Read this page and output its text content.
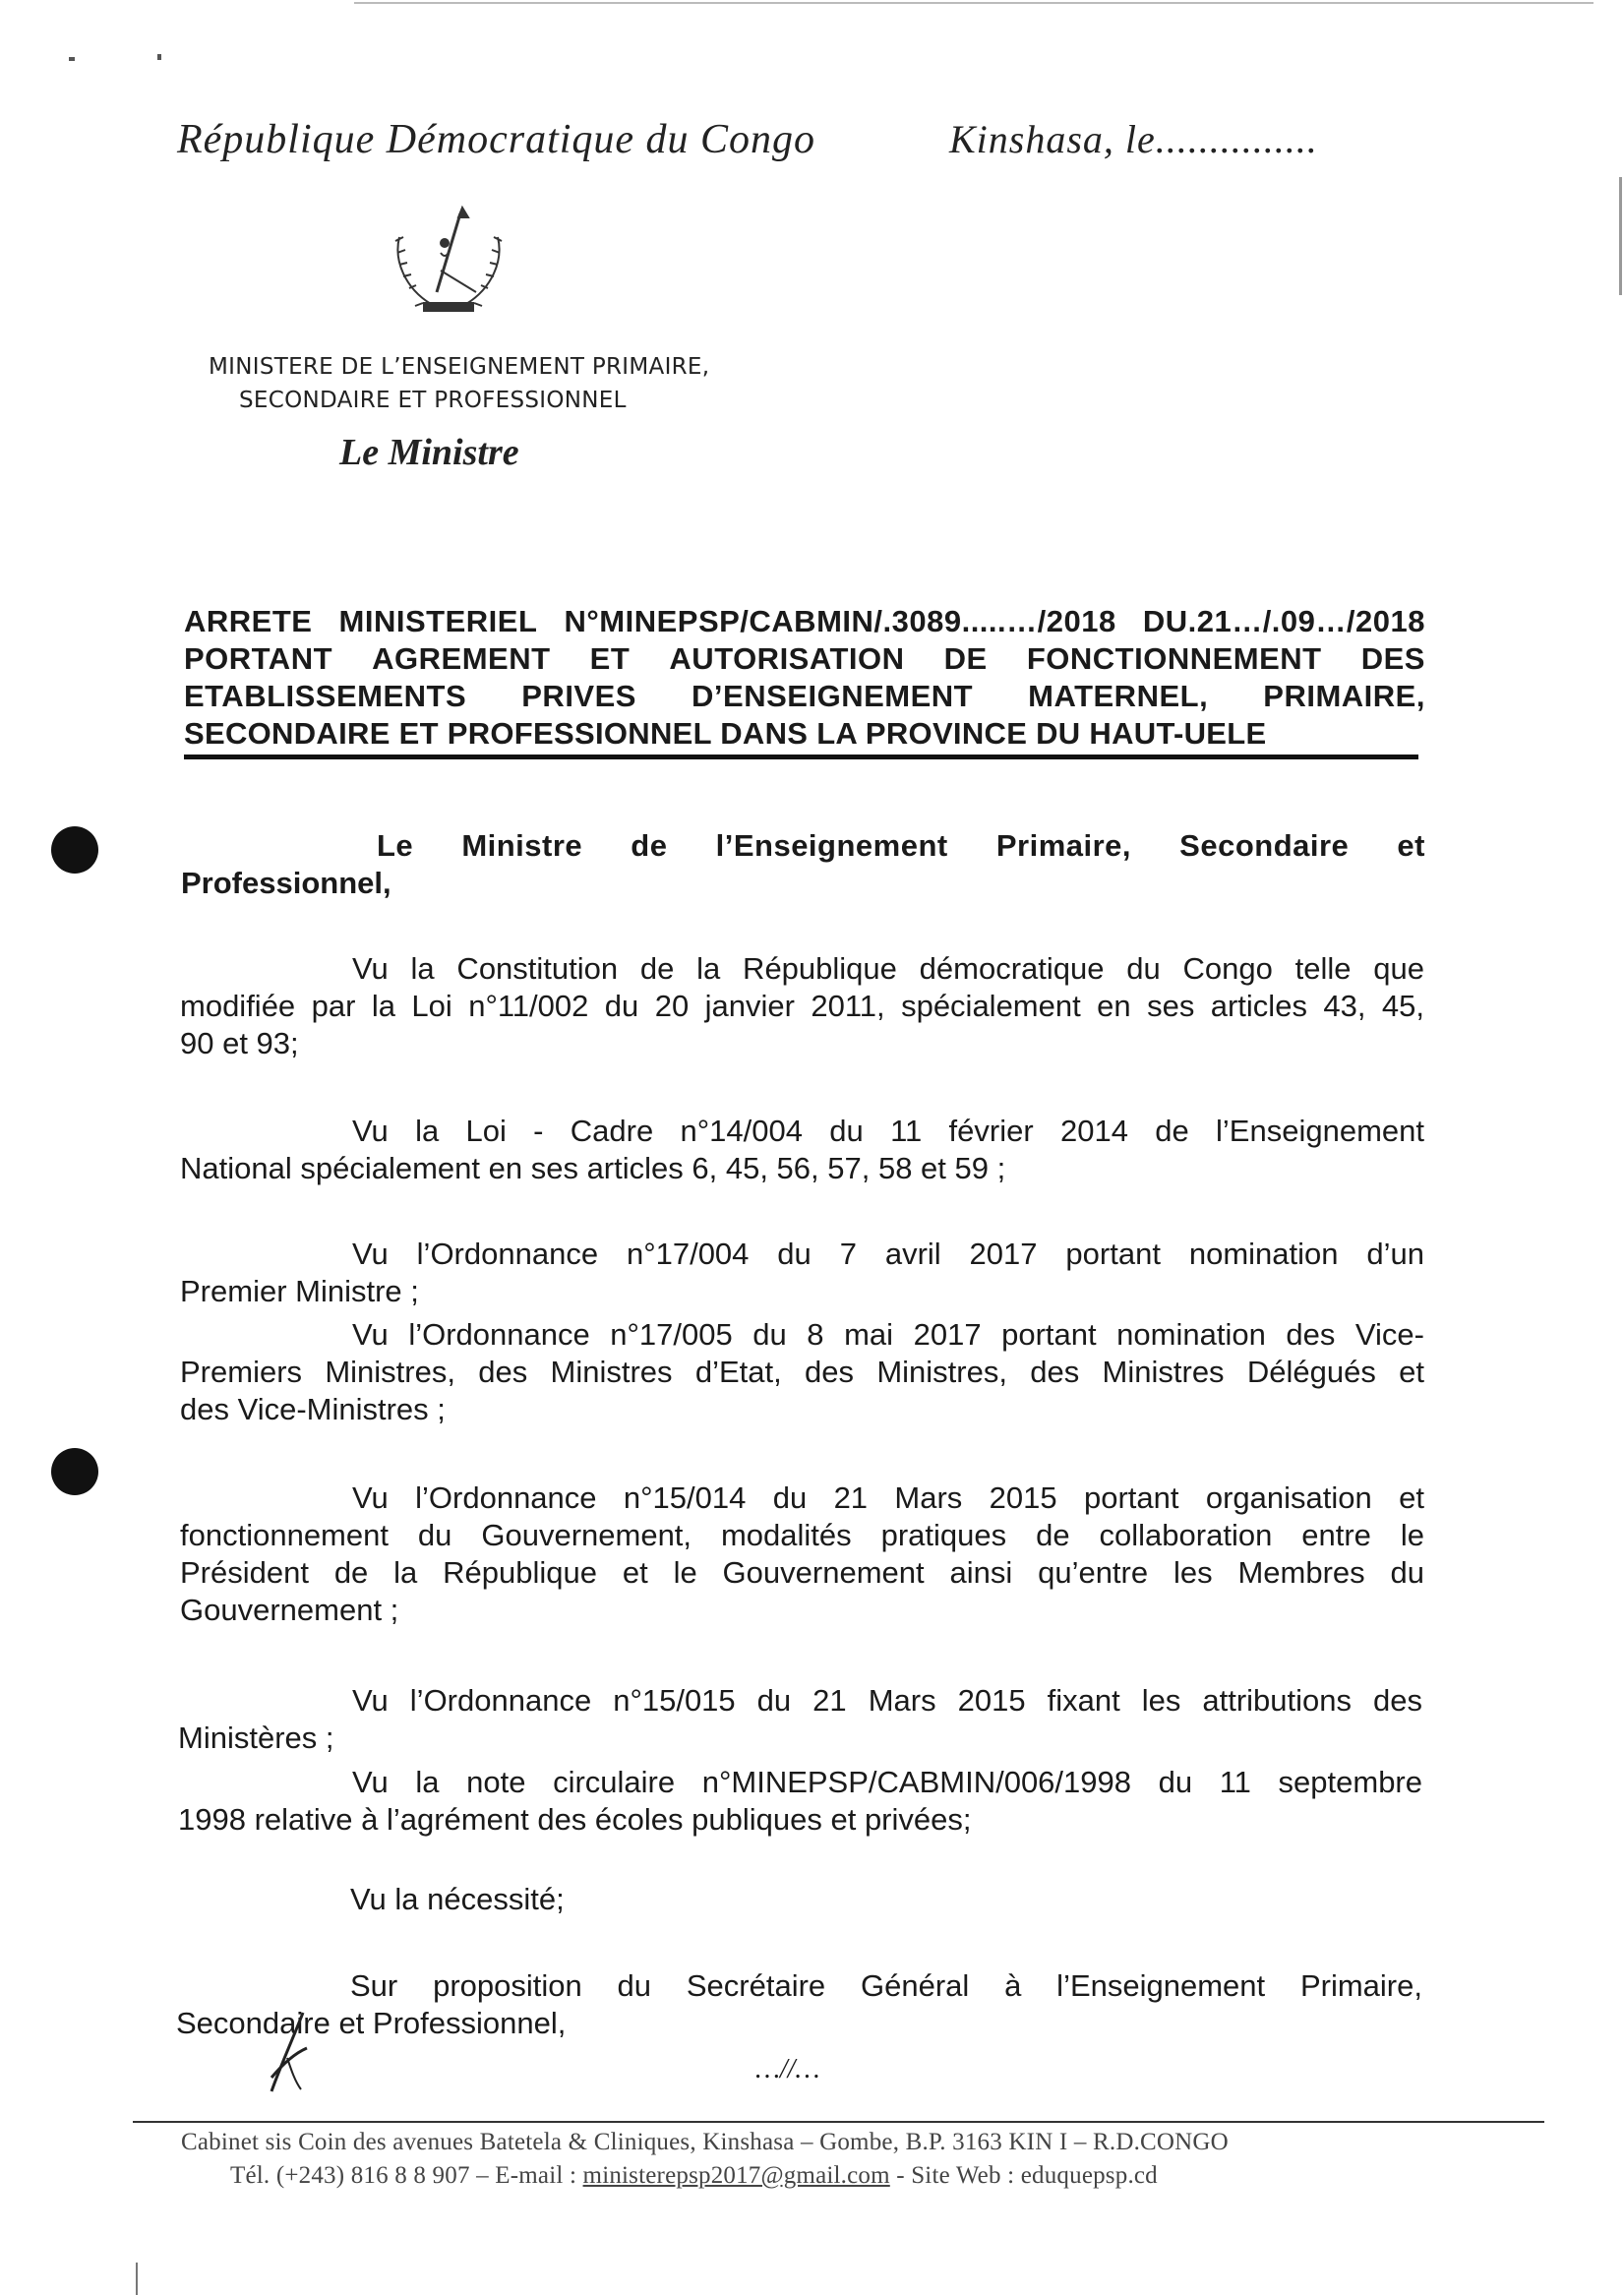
République Démocratique du Congo	Kinshasa, le...............
MINISTERE DE L’ENSEIGNEMENT PRIMAIRE,
SECONDAIRE ET PROFESSIONNEL
Le Ministre
ARRETE MINISTERIEL N°MINEPSP/CABMIN/.3089.....…/2018 DU.21…/.09…/2018
PORTANT AGREMENT ET AUTORISATION DE FONCTIONNEMENT DES
ETABLISSEMENTS PRIVES D’ENSEIGNEMENT MATERNEL, PRIMAIRE,
SECONDAIRE ET PROFESSIONNEL DANS LA PROVINCE DU HAUT-UELE
Le Ministre de l’Enseignement Primaire, Secondaire et
Professionnel,
Vu la Constitution de la République démocratique du Congo telle que
modifiée par la Loi n°11/002 du 20 janvier 2011, spécialement en ses articles 43, 45,
90 et 93;
Vu la Loi - Cadre n°14/004 du 11 février 2014 de l’Enseignement
National spécialement en ses articles 6, 45, 56, 57, 58 et 59 ;
Vu l’Ordonnance n°17/004 du 7 avril 2017 portant nomination d’un
Premier Ministre ;
Vu l’Ordonnance n°17/005 du 8 mai 2017 portant nomination des Vice-
Premiers Ministres, des Ministres d’Etat, des Ministres, des Ministres Délégués et
des Vice-Ministres ;
Vu l’Ordonnance n°15/014 du 21 Mars 2015 portant organisation et
fonctionnement du Gouvernement, modalités pratiques de collaboration entre le
Président de la République et le Gouvernement ainsi qu’entre les Membres du
Gouvernement ;
Vu l’Ordonnance n°15/015 du 21 Mars 2015 fixant les attributions des
Ministères ;
Vu la note circulaire n°MINEPSP/CABMIN/006/1998 du 11 septembre
1998 relative à l’agrément des écoles publiques et privées;
Vu la nécessité;
Sur proposition du Secrétaire Général à l’Enseignement Primaire,
Secondaire et Professionnel,
…//…
Cabinet sis Coin des avenues Batetela & Cliniques, Kinshasa – Gombe, B.P. 3163 KIN I – R.D.CONGO
Tél. (+243) 816 8 8 907 – E-mail : ministerepsp2017@gmail.com - Site Web : eduquepsp.cd
